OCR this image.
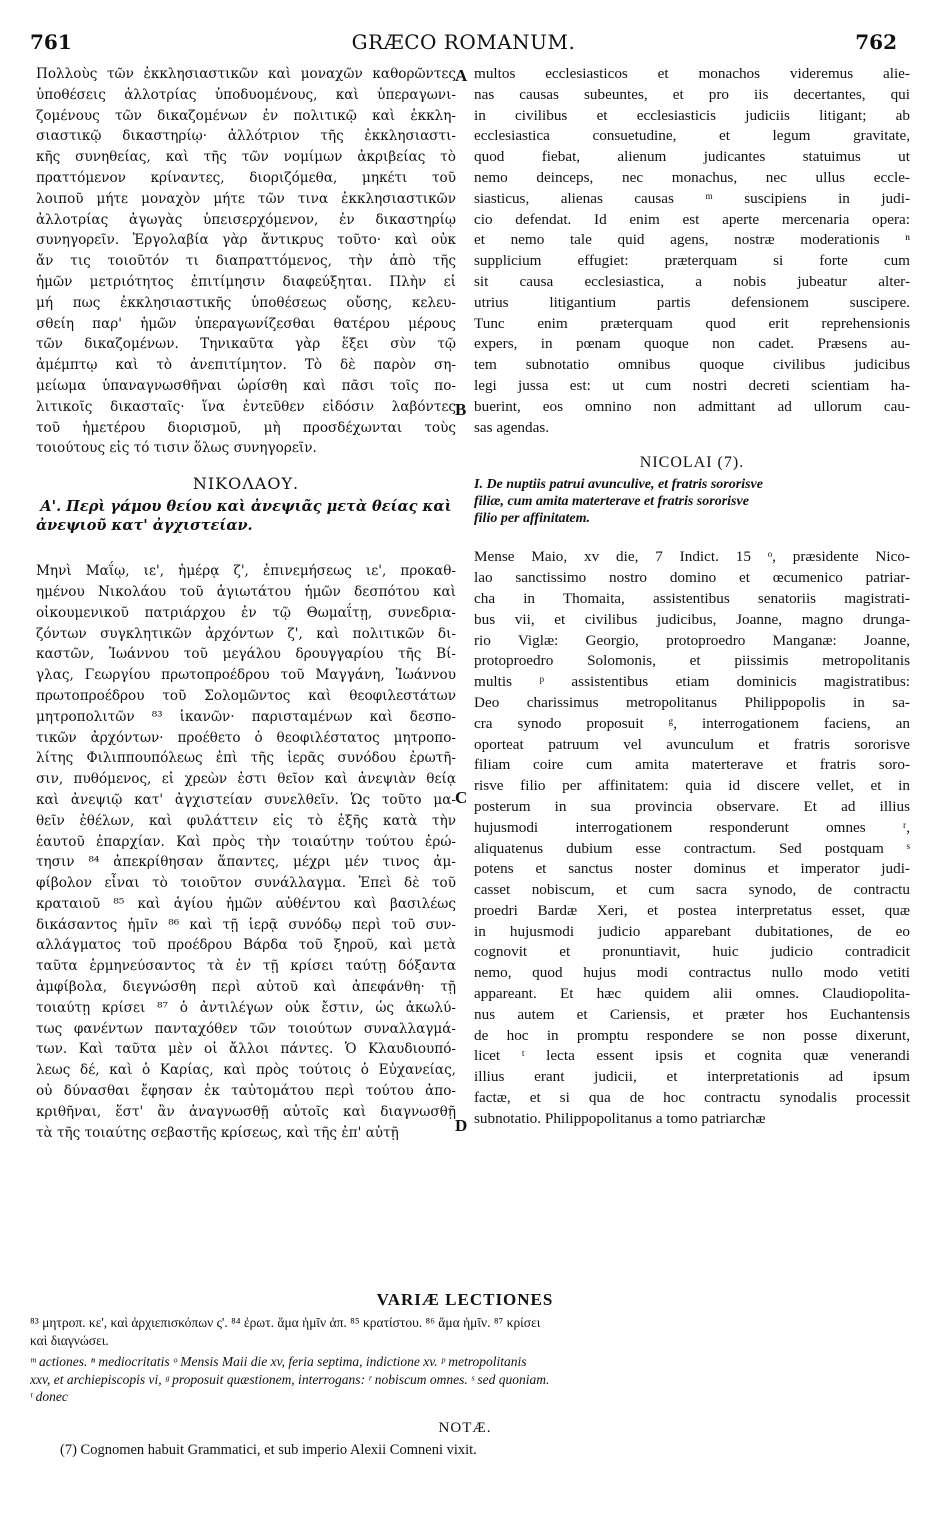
761	GRÆCO ROMANUM.	762
Πολλοὺς τῶν ἐκκλησιαστικῶν καὶ μοναχῶν καθορῶντες
ὑποθέσεις ἀλλοτρίας ὑποδυομένους, καὶ ὑπεραγωνι-
ζομένους τῶν δικαζομένων ἐν πολιτικῷ καὶ ἐκκλη-
σιαστικῷ δικαστηρίῳ· ἀλλότριον τῆς ἐκκλησιαστι-
κῆς συνηθείας, καὶ τῆς τῶν νομίμων ἀκριβείας τὸ
πραττόμενον κρίναντες, διοριζόμεθα, μηκέτι τοῦ
λοιποῦ μήτε μοναχὸν μήτε τῶν τινα ἐκκλησιαστικῶν
ἀλλοτρίας ἀγωγὰς ὑπεισερχόμενον, ἐν δικαστηρίῳ
συνηγορεῖν. Ἐργολαβία γὰρ ἄντικρυς τοῦτο· καὶ οὐκ
ἄν τις τοιοῦτόν τι διαπραττόμενος, τὴν ἀπὸ τῆς
ἡμῶν μετριότητος ἐπιτίμησιν διαφεύξηται. Πλὴν εἰ
μή πως ἐκκλησιαστικῆς ὑποθέσεως οὔσης, κελευ-
σθείη παρ' ἡμῶν ὑπεραγωνίζεσθαι θατέρου μέρους
τῶν δικαζομένων. Τηνικαῦτα γὰρ ἕξει σὺν τῷ
ἀμέμπτῳ καὶ τὸ ἀνεπιτίμητον. Τὸ δὲ παρὸν ση-
μείωμα ὑπαναγνωσθῆναι ὡρίσθη καὶ πᾶσι τοῖς πο-
λιτικοῖς δικασταῖς· ἵνα ἐντεῦθεν εἰδόσιν λαβόντες
τοῦ ἡμετέρου διορισμοῦ, μὴ προσδέχωνται τοὺς
τοιούτους εἰς τό τισιν ὅλως συνηγορεῖν.
ΝΙΚΟΛΑΟΥ.
Α'. Περὶ γάμου θείου καὶ ἀνεψιᾶς μετὰ θείας καὶ
ἀνεψιοῦ κατ' ἀγχιστείαν.
Μηνὶ Μαΐῳ, ιε', ἡμέρᾳ ζ', ἐπινεμήσεως ιε', προκαθ-
ημένου Νικολάου τοῦ ἁγιωτάτου ἡμῶν δεσπότου καὶ
οἰκουμενικοῦ πατριάρχου ἐν τῷ Θωμαΐτῃ, συνεδρια-
ζόντων συγκλητικῶν ἀρχόντων ζ', καὶ πολιτικῶν δι-
καστῶν, Ἰωάννου τοῦ μεγάλου δρουγγαρίου τῆς Βί-
γλας, Γεωργίου πρωτοπροέδρου τοῦ Μαγγάνη, Ἰωάννου
πρωτοπροέδρου τοῦ Σολομῶντος καὶ θεοφιλεστάτων
μητροπολιτῶν ⁸³ ἱκανῶν· παρισταμένων καὶ δεσπο-
τικῶν ἀρχόντων· προέθετο ὁ θεοφιλέστατος μητροπο-
λίτης Φιλιππουπόλεως ἐπὶ τῆς ἱερᾶς συνόδου ἐρωτῆ-
σιν, πυθόμενος, εἰ χρεὼν ἐστι θεῖον καὶ ἀνεψιὰν θείᾳ
καὶ ἀνεψιῷ κατ' ἀγχιστείαν συνελθεῖν. Ὡς τοῦτο μα-
θεῖν ἐθέλων, καὶ φυλάττειν εἰς τὸ ἑξῆς κατὰ τὴν
ἑαυτοῦ ἐπαρχίαν. Καὶ πρὸς τὴν τοιαύτην τούτου ἐρώ-
τησιν ⁸⁴ ἀπεκρίθησαν ἅπαντες, μέχρι μέν τινος ἀμ-
φίβολον εἶναι τὸ τοιοῦτον συνάλλαγμα. Ἐπεὶ δὲ τοῦ
κραταιοῦ ⁸⁵ καὶ ἁγίου ἡμῶν αὐθέντου καὶ βασιλέως
δικάσαντος ἡμῖν ⁸⁶ καὶ τῇ ἱερᾷ συνόδῳ περὶ τοῦ συν-
αλλάγματος τοῦ προέδρου Βάρδα τοῦ ξηροῦ, καὶ μετὰ
ταῦτα ἑρμηνεύσαντος τὰ ἐν τῇ κρίσει ταύτῃ δόξαντα
ἀμφίβολα, διεγνώσθη περὶ αὐτοῦ καὶ ἀπεφάνθη· τῇ
τοιαύτῃ κρίσει ⁸⁷ ὁ ἀντιλέγων οὐκ ἔστιν, ὡς ἀκωλύ-
τως φανέντων πανταχόθεν τῶν τοιούτων συναλλαγμά-
των. Καὶ ταῦτα μὲν οἱ ἄλλοι πάντες. Ὁ Κλαυδιουπό-
λεως δέ, καὶ ὁ Καρίας, καὶ πρὸς τούτοις ὁ Εὐχανείας,
οὐ δύνασθαι ἔφησαν ἐκ ταὐτομάτου περὶ τούτου ἀπο-
κριθῆναι, ἕστ' ἂν ἀναγνωσθῇ αὐτοῖς καὶ διαγνωσθῇ
τὰ τῆς τοιαύτης σεβαστῆς κρίσεως, καὶ τῆς ἐπ' αὐτῇ
multos ecclesiasticos et monachos videremus alie-
nas causas subeuntes, et pro iis decertantes, qui
in civilibus et ecclesiasticis judiciis litigant; ab
ecclesiastica consuetudine, et legum gravitate,
quod fiebat, alienum judicantes statuimus ut
nemo deinceps, nec monachus, nec ullus eccle-
siasticus, alienas causas ᵐ suscipiens in judi-
cio defendat. Id enim est aperte mercenaria opera:
et nemo tale quid agens, nostræ moderationis ⁿ
supplicium effugiet: præterquam si forte cum
sit causa ecclesiastica, a nobis jubeatur alter-
utrius litigantium partis defensionem suscipere.
Tunc enim præterquam quod erit reprehensionis
expers, in pœnam quoque non cadet. Præsens au-
tem subnotatio omnibus quoque civilibus judicibus
legi jussa est: ut cum nostri decreti scientiam ha-
buerint, eos omnino non admittant ad ullorum cau-
sas agendas.
NICOLAI (7).
I. De nuptiis patrui avunculive, et fratris sororisve
filiæ, cum amita materterave et fratris sororisve
filio per affinitatem.
Mense Maio, xv die, 7 Indict. 15 ᵒ, præsidente Nico-
lao sanctissimo nostro domino et œcumenico patriar-
cha in Thomaita, assistentibus senatoriis magistrati-
bus vii, et civilibus judicibus, Joanne, magno drunga-
rio Viglæ: Georgio, protoproedro Manganæ: Joanne,
protoproedro Solomonis, et piissimis metropolitanis
multis ᵖ assistentibus etiam dominicis magistratibus:
Deo charissimus metropolitanus Philippopolis in sa-
cra synodo proposuit ᵍ, interrogationem faciens, an
oporteat patruum vel avunculum et fratris sororisve
filiam coire cum amita materterave et fratris soro-
risve filio per affinitatem: quia id discere vellet, et in
posterum in sua provincia observare. Et ad illius
hujusmodi interrogationem responderunt omnes ʳ,
aliquatenus dubium esse contractum. Sed postquam ˢ
potens et sanctus noster dominus et imperator judi-
casset nobiscum, et cum sacra synodo, de contractu
proedri Bardæ Xeri, et postea interpretatus esset, quæ
in hujusmodi judicio apparebant dubitationes, de eo
cognovit et pronuntiavit, huic judicio contradicit
nemo, quod hujus modi contractus nullo modo vetiti
appareant. Et hæc quidem alii omnes. Claudiopolita-
nus autem et Cariensis, et præter hos Euchantensis
de hoc in promptu respondere se non posse dixerunt,
licet ᵗ lecta essent ipsis et cognita quæ venerandi
illius erant judicii, et interpretationis ad ipsum
factæ, et si qua de hoc contractu synodalis processit
subnotatio. Philippopolitanus a tomo patriarchæ
A
B
C
D
VARIÆ LECTIONES
⁸³ μητροπ. κε', καὶ ἀρχιεπισκόπων ς'. ⁸⁴ ἐρωτ. ἅμα ἡμῖν ἀπ. ⁸⁵ κρατίστου. ⁸⁶ ἅμα ἡμῖν. ⁸⁷ κρίσει
καὶ διαγνώσει.
ᵐ actiones. ⁿ mediocritatis ᵒ Mensis Maii die xv, feria septima, indictione xv. ᵖ metropolitanis
xxv, et archiepiscopis vi, ᵍ proposuit quæstionem, interrogans: ʳ nobiscum omnes. ˢ sed quoniam.
ᵗ donec
NOTÆ.
(7) Cognomen habuit Grammatici, et sub imperio Alexii Comneni vixit.
